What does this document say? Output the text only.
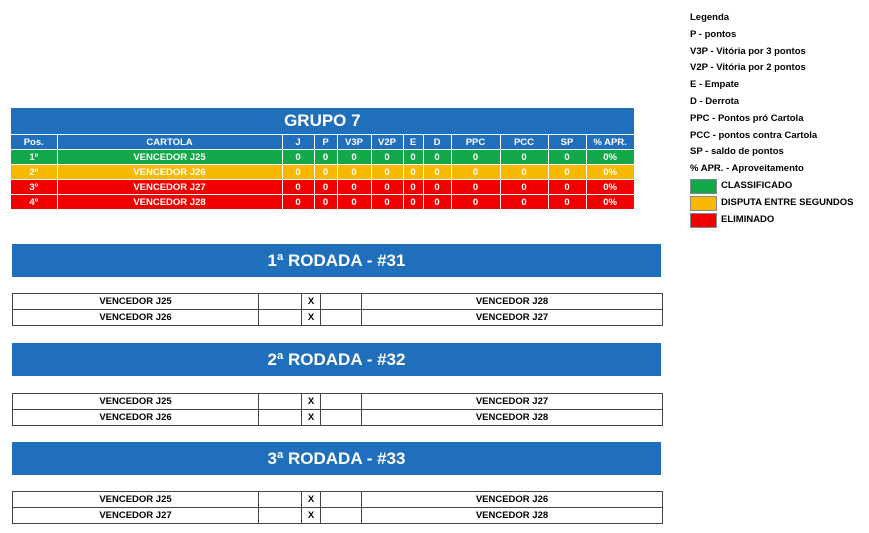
GRUPO 7											
Pos.	CARTOLA	J	P	V3P	V2P	E	D	PPC	PCC	SP	% APR.
1º	VENCEDOR J25	0	0	0	0	0	0	0	0	0	0%
2º	VENCEDOR J26	0	0	0	0	0	0	0	0	0	0%
3º	VENCEDOR J27	0	0	0	0	0	0	0	0	0	0%
4º	VENCEDOR J28	0	0	0	0	0	0	0	0	0	0%
1ª RODADA - #31
VENCEDOR J25		X		VENCEDOR J28
VENCEDOR J26		X		VENCEDOR J27
2ª RODADA - #32
VENCEDOR J25		X		VENCEDOR J27
VENCEDOR J26		X		VENCEDOR J28
3ª RODADA - #33
VENCEDOR J25		X		VENCEDOR J26
VENCEDOR J27		X		VENCEDOR J28
Legenda
P - pontos
V3P - Vitória por 3 pontos
V2P - Vitória por 2 pontos
E - Empate
D - Derrota
PPC - Pontos pró Cartola
PCC - pontos contra Cartola
SP - saldo de pontos
% APR. - Aproveitamento
CLASSIFICADO
DISPUTA ENTRE SEGUNDOS
ELIMINADO
